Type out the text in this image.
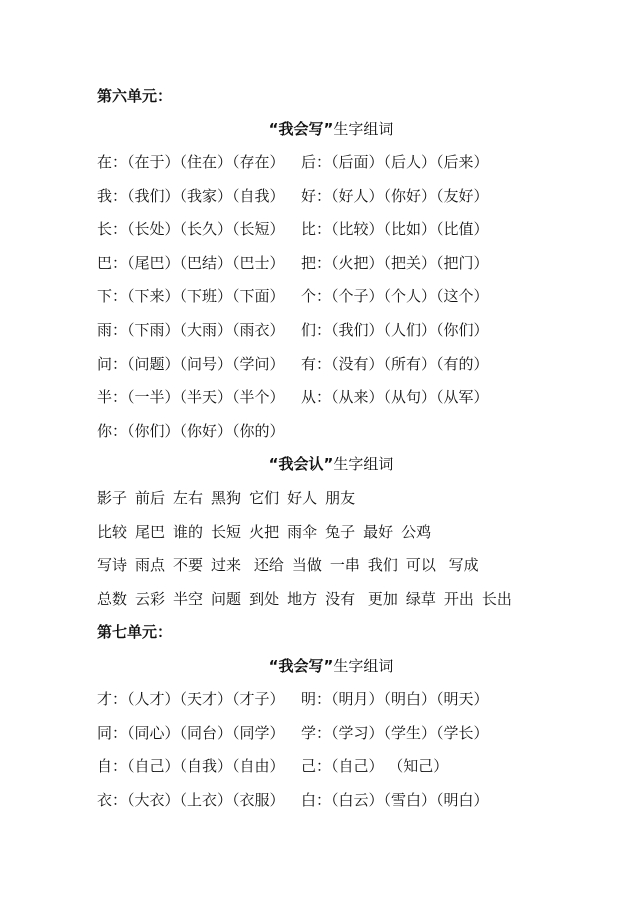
第六单元：
“我会写”生字组词
在：（在于）（住在）（存在） 后：（后面）（后人）（后来）
我：（我们）（我家）（自我） 好：（好人）（你好）（友好）
长：（长处）（长久）（长短） 比：（比较）（比如）（比值）
巴：（尾巴）（巴结）（巴士） 把：（火把）（把关）（把门）
下：（下来）（下班）（下面） 个：（个子）（个人）（这个）
雨：（下雨）（大雨）（雨衣） 们：（我们）（人们）（你们）
问：（问题）（问号）（学问） 有：（没有）（所有）（有的）
半：（一半）（半天）（半个） 从：（从来）（从句）（从军）
你：（你们）（你好）（你的）
“我会认”生字组词
影子 前后 左右 黑狗 它们 好人 朋友
比较 尾巴 谁的 长短 火把 雨伞 兔子 最好 公鸡
写诗 雨点 不要 过来 还给 当做 一串 我们 可以 写成
总数 云彩 半空 问题 到处 地方 没有 更加 绿草 开出 长出
第七单元：
“我会写”生字组词
才：（人才）（天才）（才子） 明：（明月）（明白）（明天）
同：（同心）（同台）（同学） 学：（学习）（学生）（学长）
自：（自己）（自我）（自由） 己：（自己） （知己）
衣：（大衣）（上衣）（衣服） 白：（白云）（雪白）（明白）
